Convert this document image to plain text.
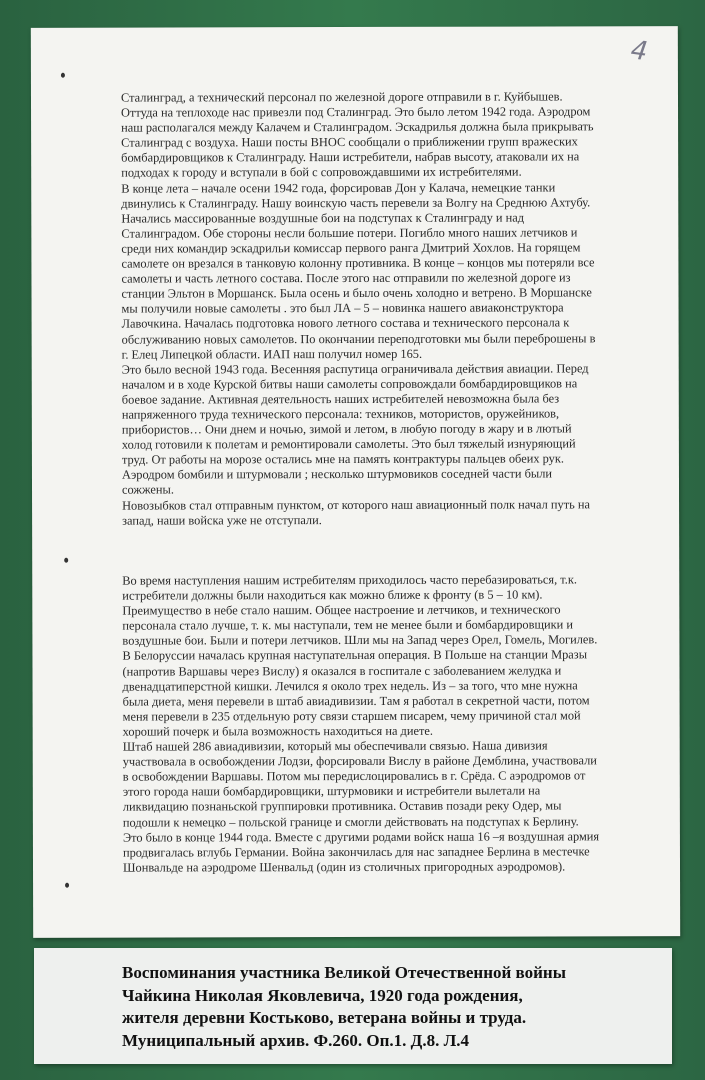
4

Сталинград, а технический персонал по железной дороге отправили в г. Куйбышев.

Оттуда на теплоходе нас привезли под Сталинград. Это было летом 1942 года. Аэродром

наш располагался между Калачем и Сталинградом. Эскадрилья должна была прикрывать

Сталинград с воздуха. Наши посты ВНОС сообщали о приближении групп вражеских

бомбардировщиков к Сталинграду. Наши истребители, набрав высоту, атаковали их на

подходах к городу и вступали в бой с сопровождавшими их истребителями.

В конце лета – начале осени 1942 года, форсировав Дон у Калача, немецкие танки

двинулись к Сталинграду. Нашу воинскую часть перевели за Волгу на Среднюю Ахтубу.

Начались массированные воздушные бои на подступах к Сталинграду и над

Сталинградом. Обе стороны несли большие потери. Погибло много наших летчиков и

среди них командир эскадрильи комиссар первого ранга Дмитрий Хохлов. На горящем

самолете он врезался в танковую колонну противника. В конце – концов мы потеряли все

самолеты и часть летного состава. После этого нас отправили по железной дороге из

станции Эльтон в Моршанск. Была осень и было очень холодно и ветрено. В Моршанске

мы получили новые самолеты . это был ЛА – 5 – новинка нашего авиаконструктора

Лавочкина. Началась подготовка нового летного состава и технического персонала к

обслуживанию новых самолетов. По окончании переподготовки мы были переброшены в

г. Елец Липецкой области. ИАП наш получил номер 165.

Это было весной 1943 года. Весенняя распутица ограничивала действия авиации. Перед

началом и в ходе Курской битвы наши самолеты сопровождали бомбардировщиков на

боевое задание. Активная деятельность наших истребителей невозможна была без

напряженного труда технического персонала: техников, мотористов, оружейников,

прибористов… Они днем и ночью, зимой и летом, в любую погоду в жару и в лютый

холод готовили к полетам и ремонтировали самолеты. Это был тяжелый изнуряющий

труд. От работы на морозе остались мне на память контрактуры пальцев обеих рук.

Аэродром бомбили и штурмовали ; несколько штурмовиков соседней части были

сожжены.

Новозыбков стал отправным пунктом, от которого наш авиационный полк начал путь на

запад, наши войска уже не отступали.

Во время наступления нашим истребителям приходилось часто перебазироваться, т.к.

истребители должны были находиться как можно ближе к фронту (в 5 – 10 км).

Преимущество в небе стало нашим. Общее настроение и летчиков, и технического

персонала стало лучше, т. к. мы наступали, тем не менее были и бомбардировщики и

воздушные бои. Были и потери летчиков. Шли мы на Запад через Орел, Гомель, Могилев.

В Белоруссии началась крупная наступательная операция. В Польше на станции Мразы

(напротив Варшавы через Вислу) я оказался в госпитале с заболеванием желудка и

двенадцатиперстной кишки. Лечился я около трех недель. Из – за того, что мне нужна

была диета, меня перевели в штаб авиадивизии. Там я работал в секретной части, потом

меня перевели в 235 отдельную роту связи старшем писарем, чему причиной стал мой

хороший почерк и была возможность находиться на диете.

Штаб нашей 286 авиадивизии, который мы обеспечивали связью. Наша дивизия

участвовала в освобождении Лодзи, форсировали Вислу в районе Демблина, участвовали

в освобождении Варшавы. Потом мы передислоцировались в г. Срёда. С аэродромов от

этого города наши бомбардировщики, штурмовики и истребители вылетали на

ликвидацию познаньской группировки противника. Оставив позади реку Одер, мы

подошли к немецко – польской границе и смогли действовать на подступах к Берлину.

Это было в конце 1944 года. Вместе с другими родами войск наша 16 –я воздушная армия

продвигалась вглубь Германии. Война закончилась для нас западнее Берлина в местечке

Шонвальде на аэродроме Шенвальд (один из столичных пригородных аэродромов).

Воспоминания участника Великой Отечественной войны

Чайкина Николая Яковлевича, 1920 года рождения,

жителя деревни Костьково, ветерана войны и труда.

Муниципальный архив. Ф.260. Оп.1. Д.8. Л.4
